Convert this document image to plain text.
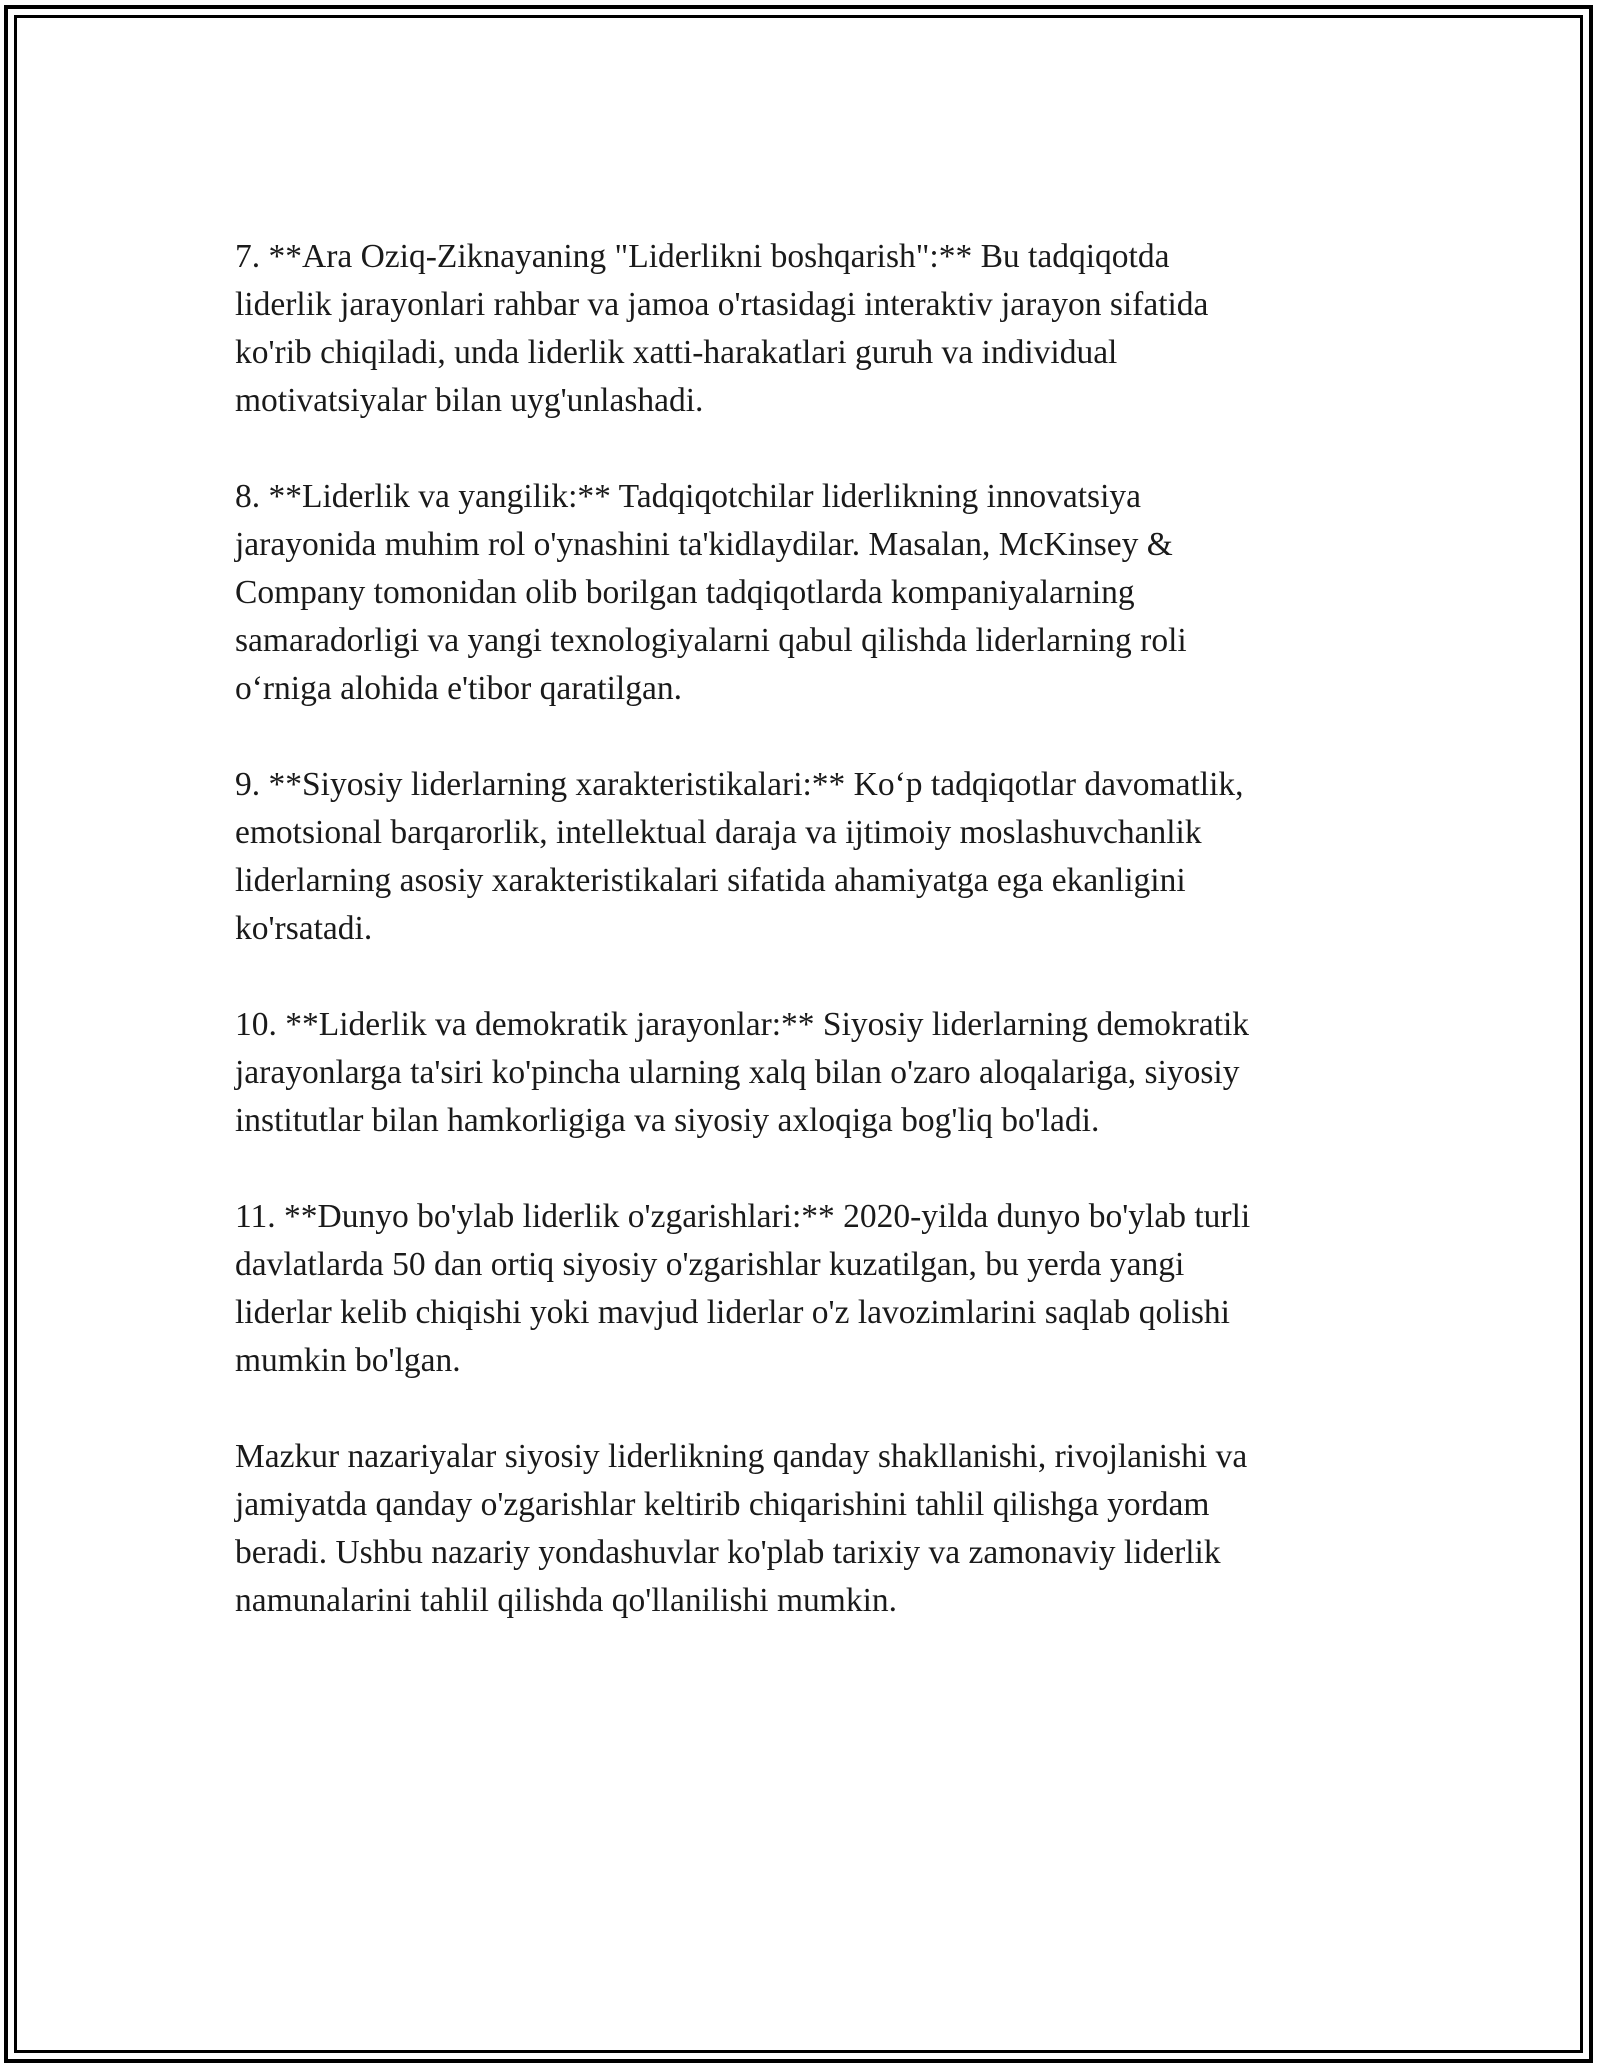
7. **Ara Oziq-Ziknayaning "Liderlikni boshqarish":** Bu tadqiqotda
liderlik jarayonlari rahbar va jamoa o'rtasidagi interaktiv jarayon sifatida
ko'rib chiqiladi, unda liderlik xatti-harakatlari guruh va individual
motivatsiyalar bilan uyg'unlashadi.

8. **Liderlik va yangilik:** Tadqiqotchilar liderlikning innovatsiya
jarayonida muhim rol o'ynashini ta'kidlaydilar. Masalan, McKinsey &
Company tomonidan olib borilgan tadqiqotlarda kompaniyalarning
samaradorligi va yangi texnologiyalarni qabul qilishda liderlarning roli
o‘rniga alohida e'tibor qaratilgan.

9. **Siyosiy liderlarning xarakteristikalari:** Ko‘p tadqiqotlar davomatlik,
emotsional barqarorlik, intellektual daraja va ijtimoiy moslashuvchanlik
liderlarning asosiy xarakteristikalari sifatida ahamiyatga ega ekanligini
ko'rsatadi.

10. **Liderlik va demokratik jarayonlar:** Siyosiy liderlarning demokratik
jarayonlarga ta'siri ko'pincha ularning xalq bilan o'zaro aloqalariga, siyosiy
institutlar bilan hamkorligiga va siyosiy axloqiga bog'liq bo'ladi.

11. **Dunyo bo'ylab liderlik o'zgarishlari:** 2020-yilda dunyo bo'ylab turli
davlatlarda 50 dan ortiq siyosiy o'zgarishlar kuzatilgan, bu yerda yangi
liderlar kelib chiqishi yoki mavjud liderlar o'z lavozimlarini saqlab qolishi
mumkin bo'lgan.

Mazkur nazariyalar siyosiy liderlikning qanday shakllanishi, rivojlanishi va
jamiyatda qanday o'zgarishlar keltirib chiqarishini tahlil qilishga yordam
beradi. Ushbu nazariy yondashuvlar ko'plab tarixiy va zamonaviy liderlik
namunalarini tahlil qilishda qo'llanilishi mumkin.
